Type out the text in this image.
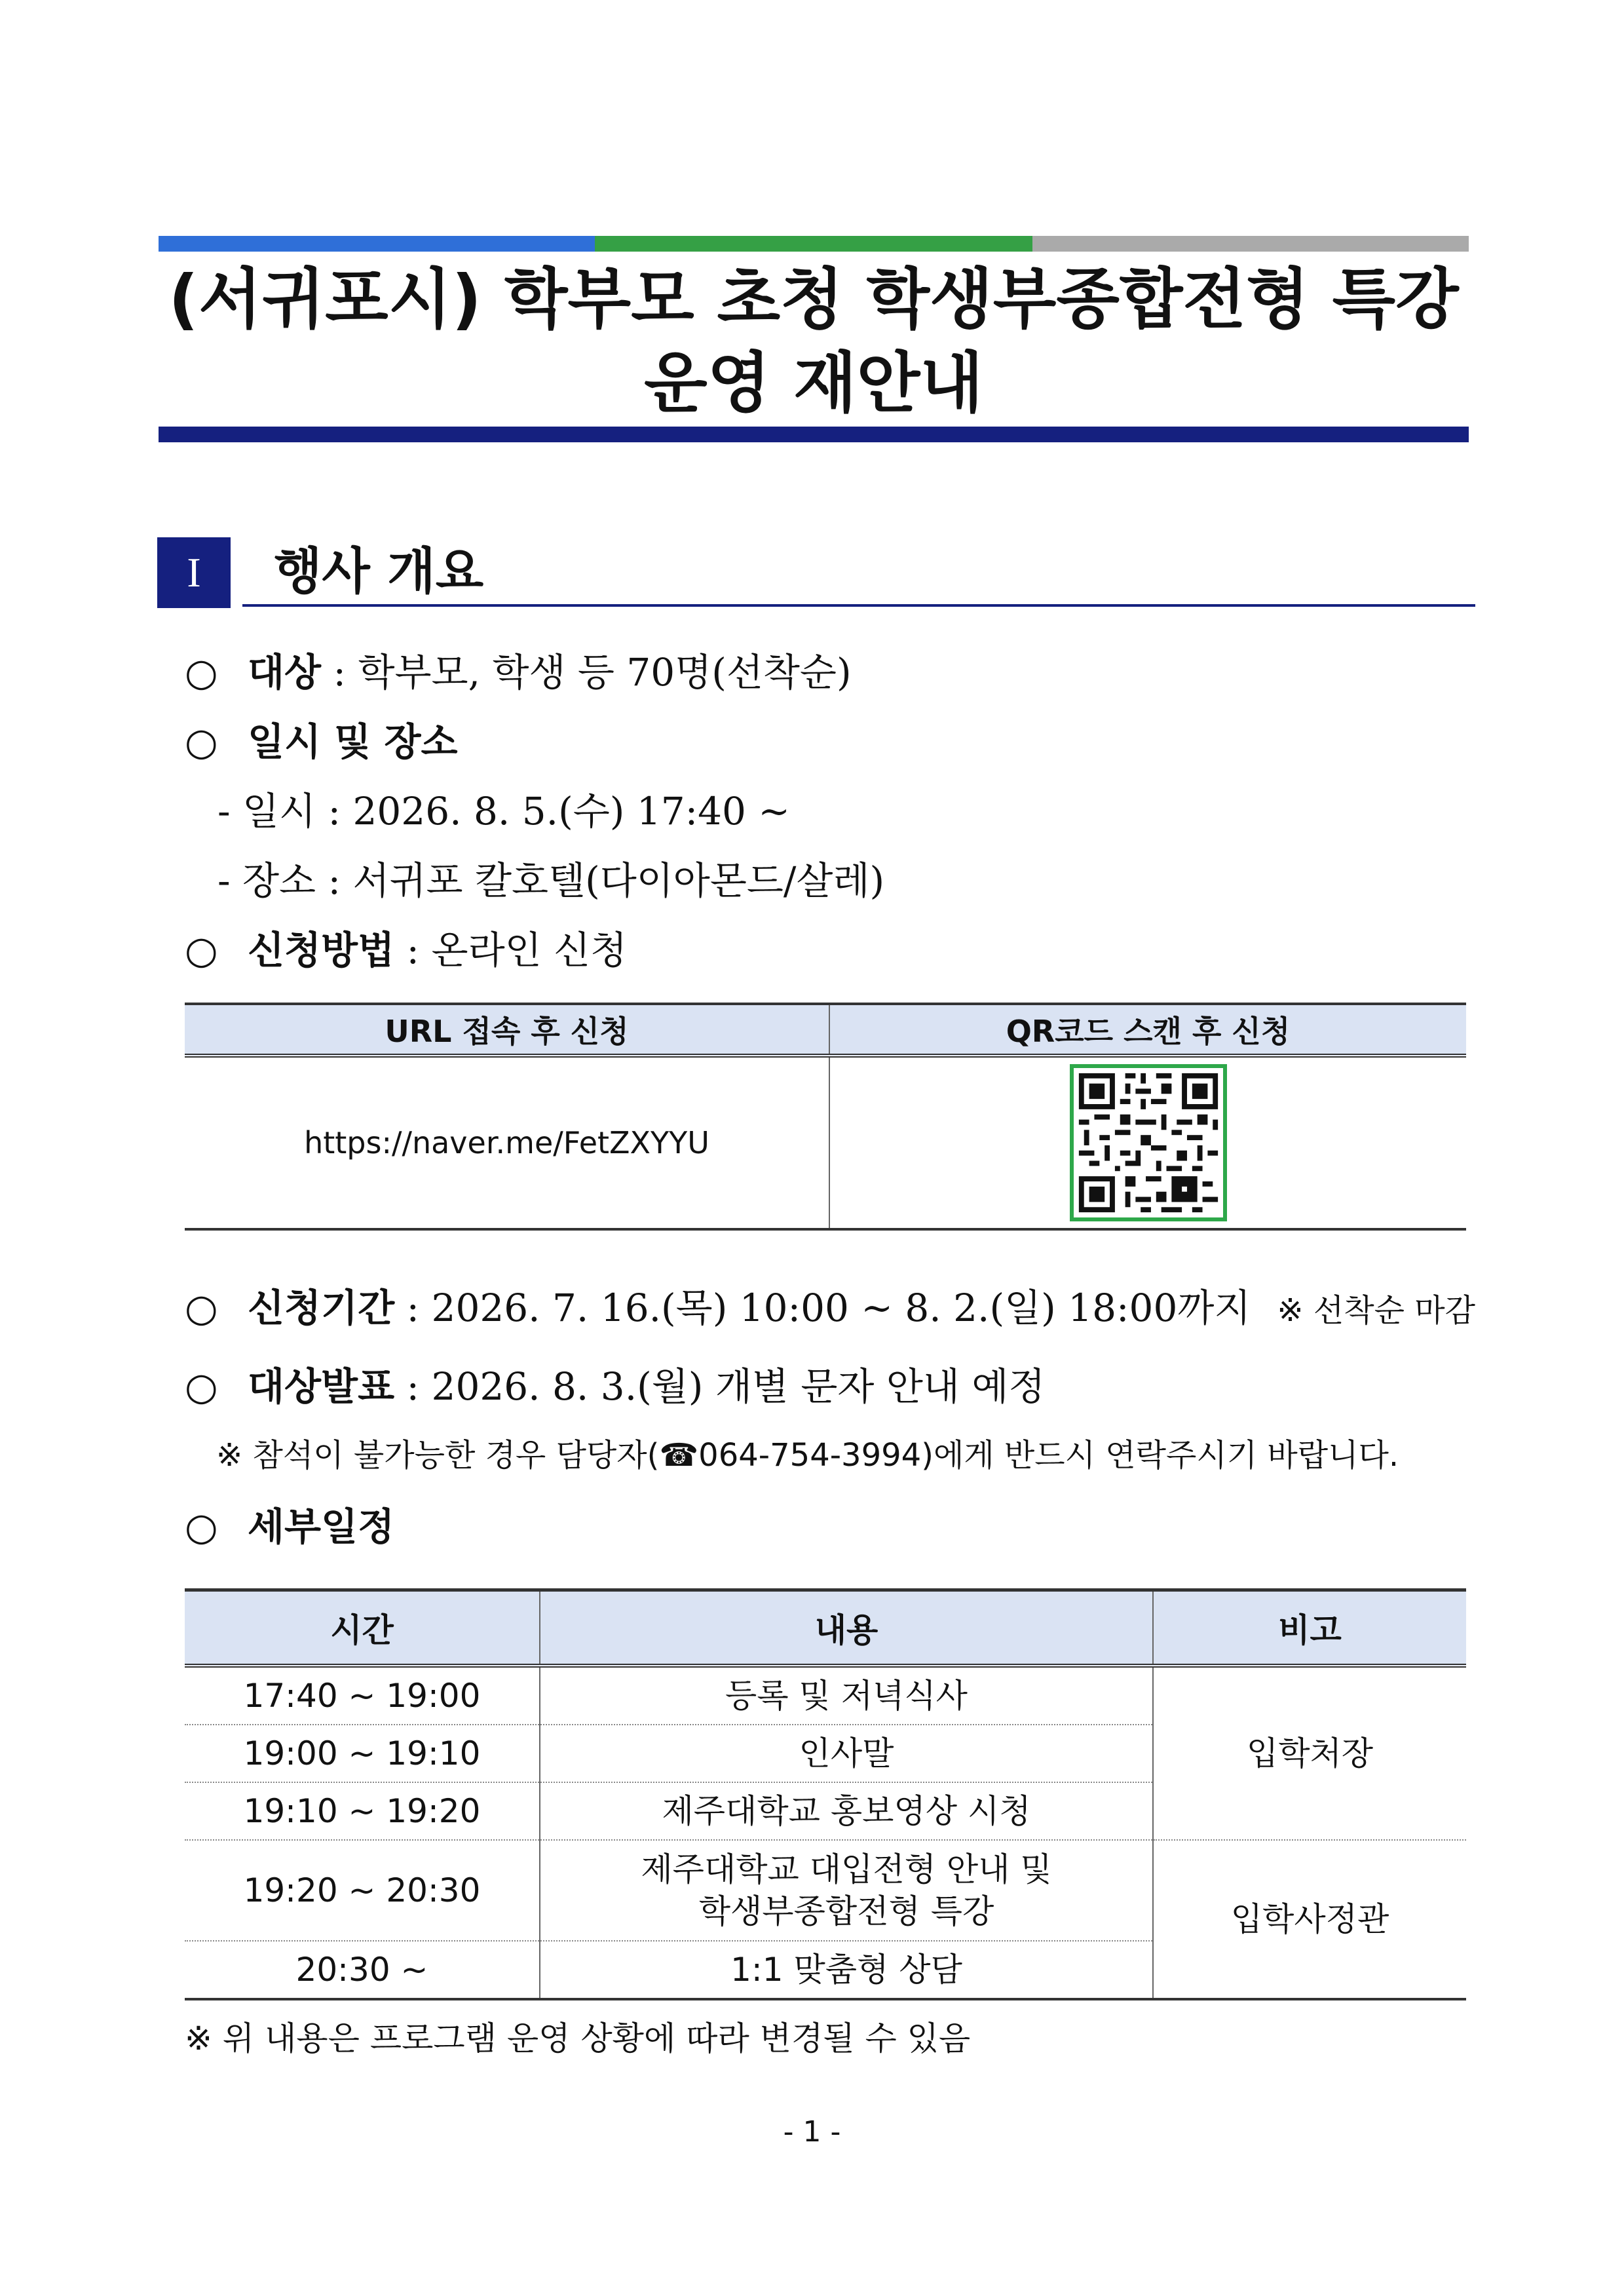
(서귀포시) 학부모 초청 학생부종합전형 특강
운영 재안내
I	행사 개요
○ 대상 : 학부모, 학생 등 70명(선착순)
○ 일시 및 장소
- 일시 : 2026. 8. 5.(수) 17:40 ~
- 장소 : 서귀포 칼호텔(다이아몬드/살레)
○ 신청방법 : 온라인 신청
URL 접속 후 신청	QR코드 스캔 후 신청
https://naver.me/FetZXYYU	
○ 신청기간 : 2026. 7. 16.(목) 10:00 ~ 8. 2.(일) 18:00까지 ※ 선착순 마감
○ 대상발표 : 2026. 8. 3.(월) 개별 문자 안내 예정
※ 참석이 불가능한 경우 담당자(☎064-754-3994)에게 반드시 연락주시기 바랍니다.
○ 세부일정
시간	내용	비고
17:40 ~ 19:00	등록 및 저녁식사	입학처장
19:00 ~ 19:10	인사말	
19:10 ~ 19:20	제주대학교 홍보영상 시청	
19:20 ~ 20:30	제주대학교 대입전형 안내 및
학생부종합전형 특강	입학사정관
20:30 ~	1:1 맞춤형 상담	
※ 위 내용은 프로그램 운영 상황에 따라 변경될 수 있음
- 1 -
